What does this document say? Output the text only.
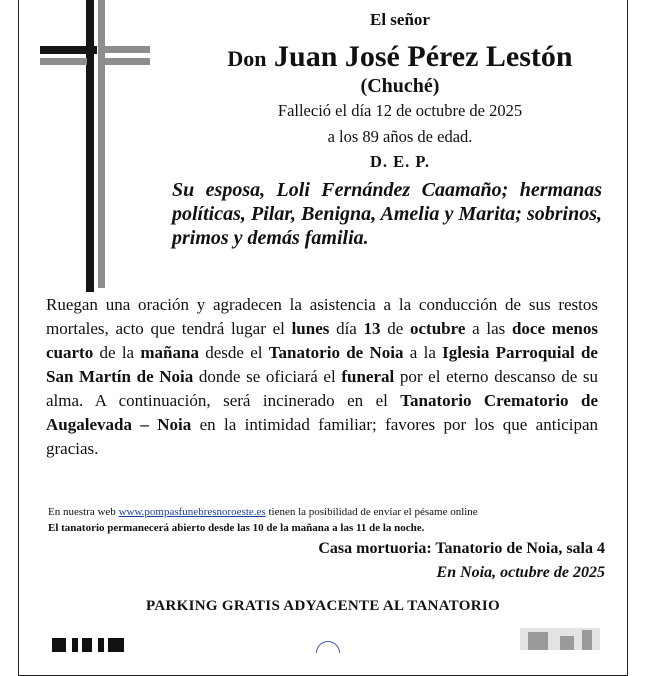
El señor
Don Juan José Pérez Lestón
(Chuché)
Falleció el día 12 de octubre de 2025
a los 89 años de edad.
D. E. P.
Su esposa, Loli Fernández Caamaño; hermanas políticas, Pilar, Benigna, Amelia y Marita; sobrinos, primos y demás familia.
Ruegan una oración y agradecen la asistencia a la conducción de sus restos mortales, acto que tendrá lugar el lunes día 13 de octubre a las doce menos cuarto de la mañana desde el Tanatorio de Noia a la Iglesia Parroquial de San Martín de Noia donde se oficiará el funeral por el eterno descanso de su alma. A continuación, será incinerado en el Tanatorio Crematorio de Augalevada – Noia en la intimidad familiar; favores por los que anticipan gracias.
En nuestra web www.pompasfunebresnoroeste.es tienen la posibilidad de enviar el pésame online
El tanatorio permanecerá abierto desde las 10 de la mañana a las 11 de la noche.
Casa mortuoria: Tanatorio de Noia, sala 4
En Noia, octubre de 2025
PARKING GRATIS ADYACENTE AL TANATORIO
